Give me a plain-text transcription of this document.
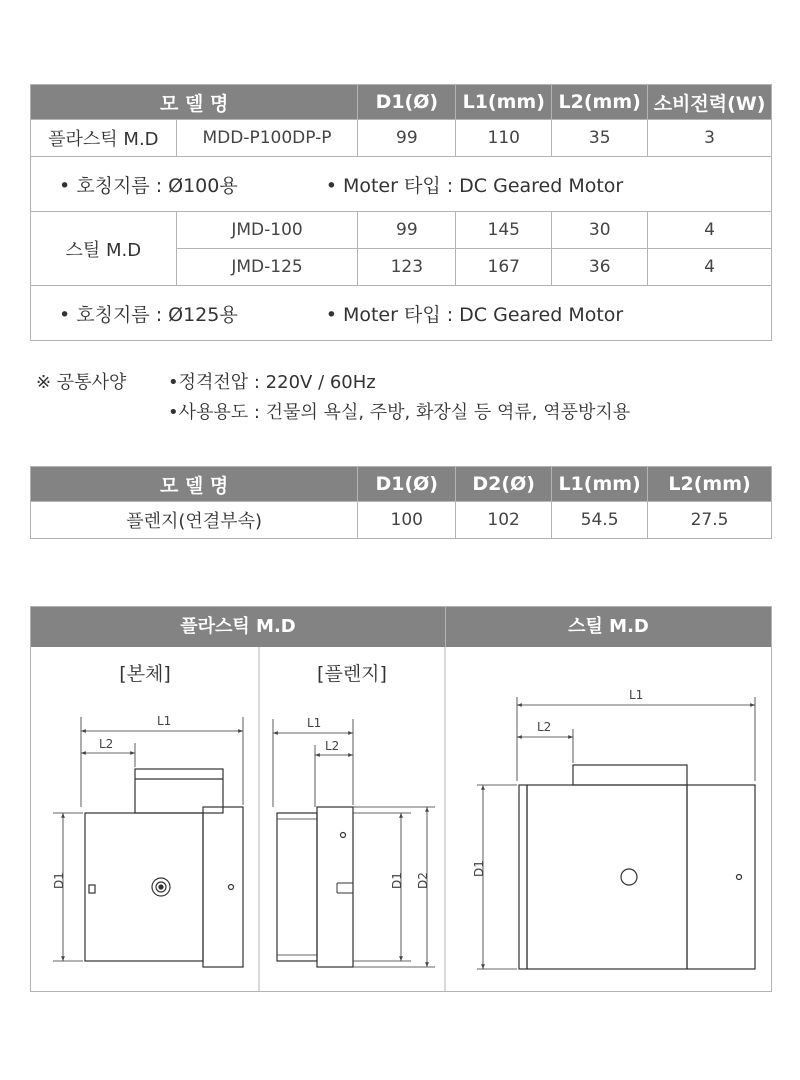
모 델 명		D1(Ø)	L1(mm)	L2(mm)	소비전력(W)
플라스틱 M.D	MDD-P100DP-P	99	110	35	3
• 호칭지름 : Ø100용 • Moter 타입 : DC Geared Motor					
스틸 M.D	JMD-100	99	145	30	4
	JMD-125	123	167	36	4
• 호칭지름 : Ø125용 • Moter 타입 : DC Geared Motor					
※ 공통사양 •정격전압 : 220V / 60Hz
•사용용도 : 건물의 욕실, 주방, 화장실 등 역류, 역풍방지용
모 델 명	D1(Ø)	D2(Ø)	L1(mm)	L2(mm)
플렌지(연결부속)	100	102	54.5	27.5
플라스틱 M.D	스틸 M.D
[본체]	[플렌지]
L1
L2
D1
L1
L2
D1 D2
L1
L2
D1
